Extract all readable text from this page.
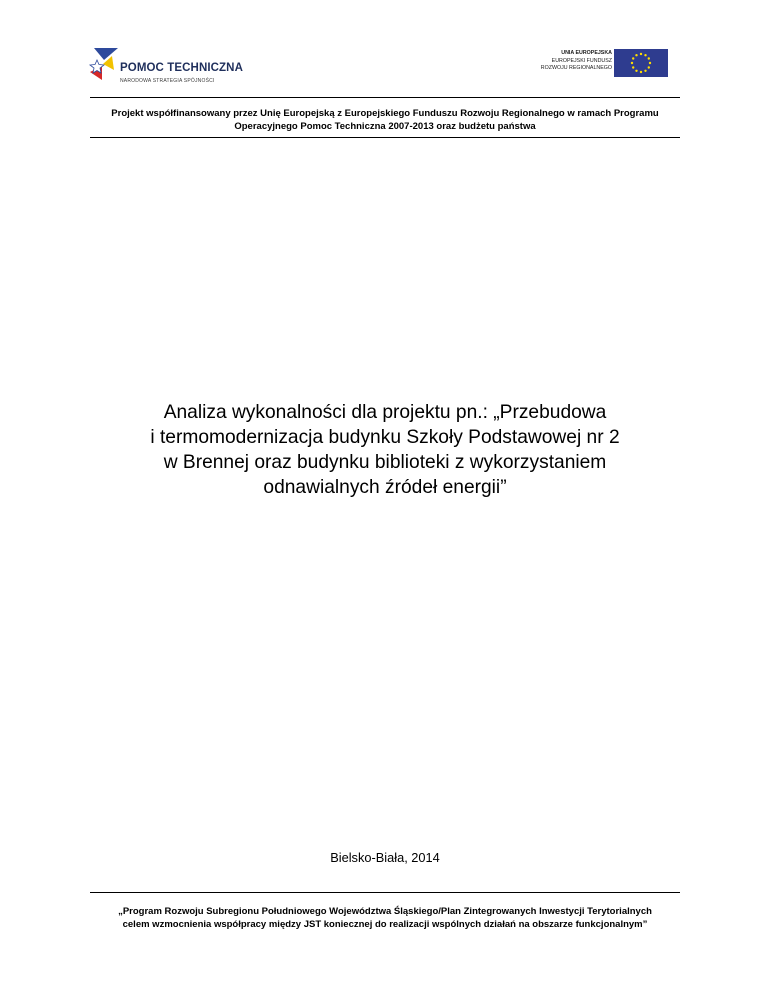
POMOC TECHNICZNA
NARODOWA STRATEGIA SPÓJNOŚCI
UNIA EUROPEJSKA
EUROPEJSKI FUNDUSZ
ROZWOJU REGIONALNEGO
Projekt współfinansowany przez Unię Europejską z Europejskiego Funduszu Rozwoju Regionalnego w ramach Programu
Operacyjnego Pomoc Techniczna 2007-2013 oraz budżetu państwa
Analiza wykonalności dla projektu pn.: „Przebudowa
i termomodernizacja budynku Szkoły Podstawowej nr 2
w Brennej oraz budynku biblioteki z wykorzystaniem
odnawialnych źródeł energii”
Bielsko-Biała, 2014
„Program Rozwoju Subregionu Południowego Województwa Śląskiego/Plan Zintegrowanych Inwestycji Terytorialnych
celem wzmocnienia współpracy między JST koniecznej do realizacji wspólnych działań na obszarze funkcjonalnym”
